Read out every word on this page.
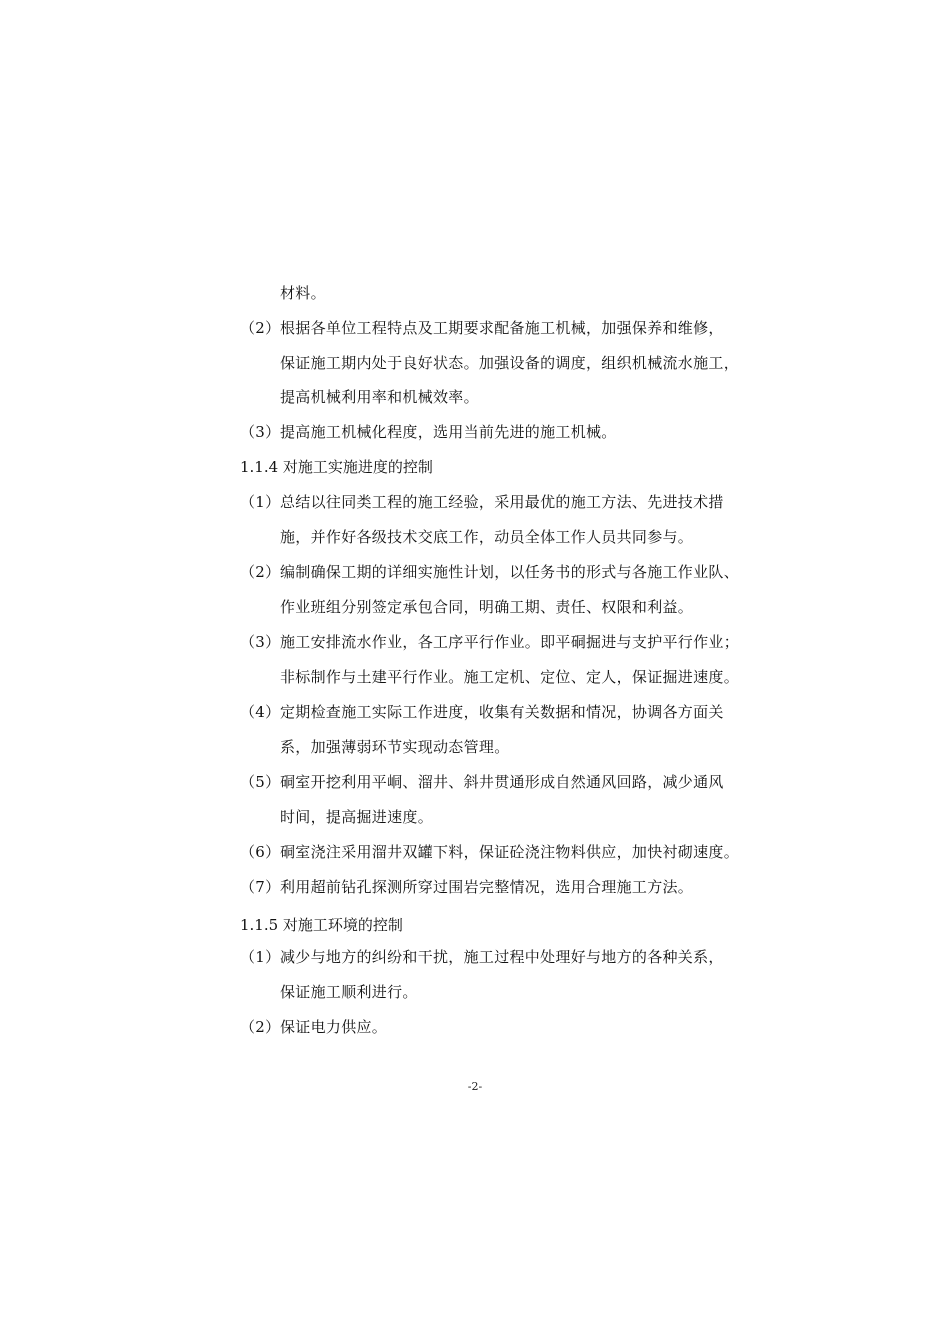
材料。
（2） 根据各单位工程特点及工期要求配备施工机械，加强保养和维修，
保证施工期内处于良好状态。加强设备的调度，组织机械流水施工，
提高机械利用率和机械效率。
（3） 提高施工机械化程度，选用当前先进的施工机械。
1.1.4 对施工实施进度的控制
（1） 总结以往同类工程的施工经验，采用最优的施工方法、先进技术措
施，并作好各级技术交底工作，动员全体工作人员共同参与。
（2） 编制确保工期的详细实施性计划，以任务书的形式与各施工作业队、
作业班组分别签定承包合同，明确工期、责任、权限和利益。
（3） 施工安排流水作业，各工序平行作业。即平硐掘进与支护平行作业；
非标制作与土建平行作业。施工定机、定位、定人，保证掘进速度。
（4） 定期检查施工实际工作进度，收集有关数据和情况，协调各方面关
系，加强薄弱环节实现动态管理。
（5） 硐室开挖利用平峒、溜井、斜井贯通形成自然通风回路，减少通风
时间，提高掘进速度。
（6） 硐室浇注采用溜井双罐下料，保证砼浇注物料供应，加快衬砌速度。
（7） 利用超前钻孔探测所穿过围岩完整情况，选用合理施工方法。
1.1.5 对施工环境的控制
（1） 减少与地方的纠纷和干扰，施工过程中处理好与地方的各种关系，
保证施工顺利进行。
（2） 保证电力供应。
-2-
